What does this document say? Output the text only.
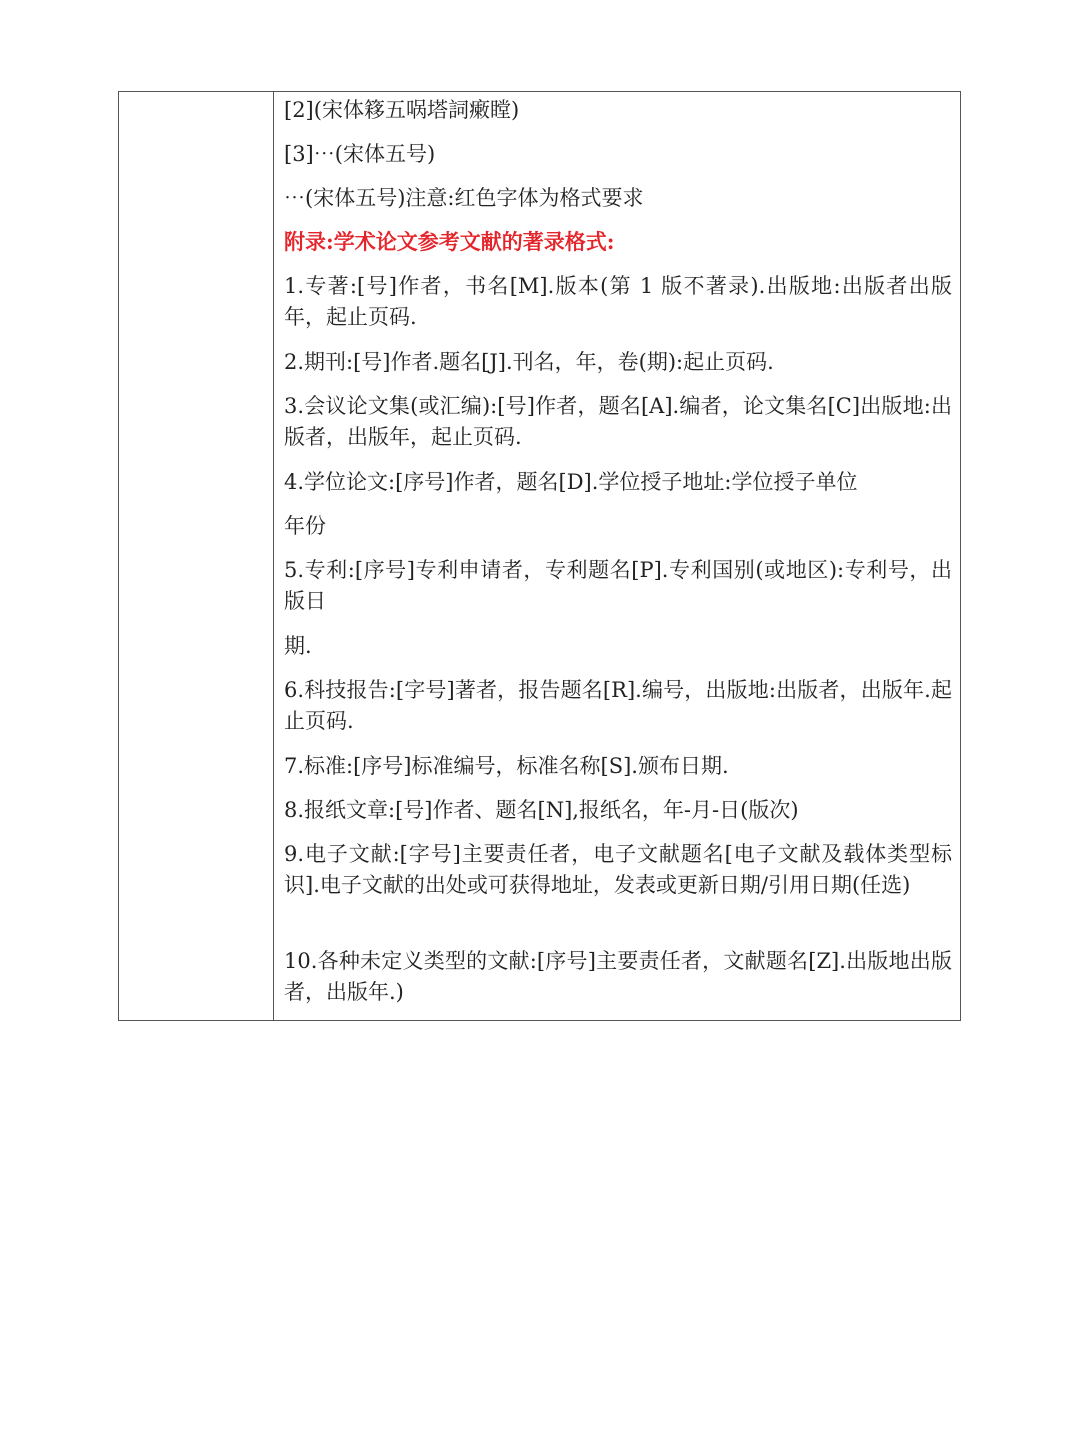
[2](宋体簃五㖞塔詞瘷瞠)
[3]⋯(宋体五号)
⋯(宋体五号)注意:红色字体为格式要求
附录:学术论文参考文献的著录格式:
1.专著:[号]作者，书名[M].版本(第 1 版不著录).出版地:出版者出版年，起止页码.
2.期刊:[号]作者.题名[J].刊名，年，卷(期):起止页码.
3.会议论文集(或汇编):[号]作者，题名[A].编者，论文集名[C]出版地:出版者，出版年，起止页码.
4.学位论文:[序号]作者，题名[D].学位授子地址:学位授子单位
年份
5.专利:[序号]专利申请者，专利题名[P].专利国别(或地区):专利号，出版日
期.
6.科技报告:[字号]著者，报告题名[R].编号，出版地:出版者，出版年.起止页码.
7.标准:[序号]标准编号，标准名称[S].颁布日期.
8.报纸文章:[号]作者、题名[N],报纸名，年-月-日(版次)
9.电子文献:[字号]主要责任者，电子文献题名[电子文献及载体类型标识].电子文献的出处或可获得地址，发表或更新日期/引用日期(任选)
10.各种未定义类型的文献:[序号]主要责任者，文献题名[Z].出版地出版者，出版年.)
